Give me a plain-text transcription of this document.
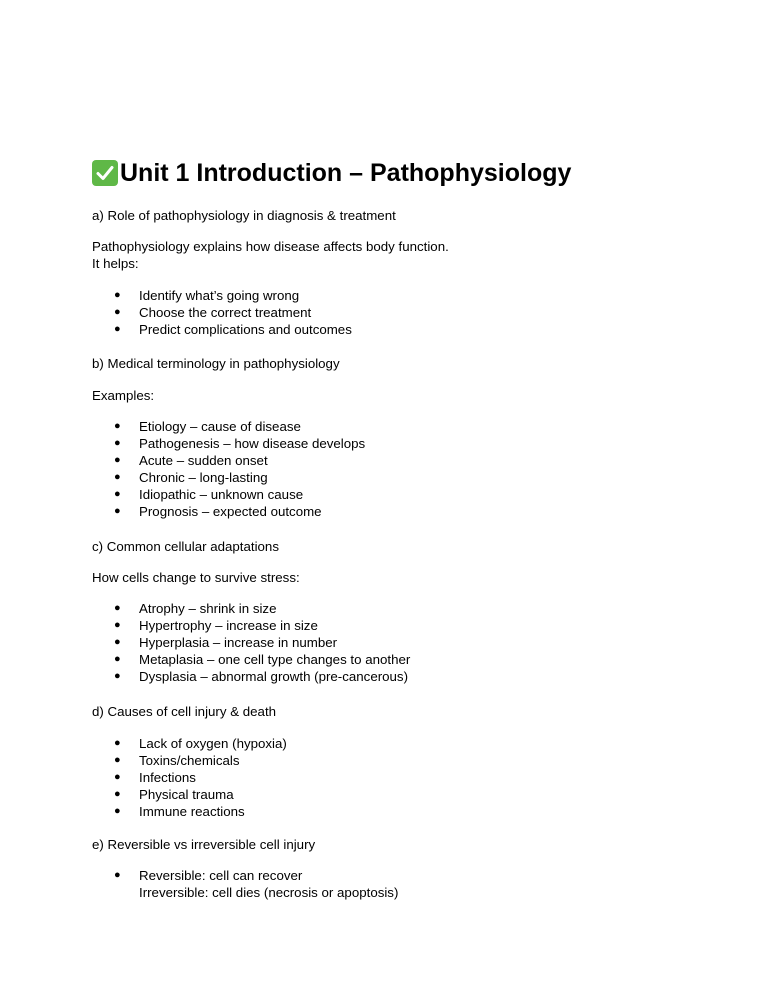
Unit 1 Introduction – Pathophysiology

a) Role of pathophysiology in diagnosis & treatment

Pathophysiology explains how disease affects body function.
It helps:

● Identify what’s going wrong
● Choose the correct treatment
● Predict complications and outcomes

b) Medical terminology in pathophysiology

Examples:

● Etiology – cause of disease
● Pathogenesis – how disease develops
● Acute – sudden onset
● Chronic – long-lasting
● Idiopathic – unknown cause
● Prognosis – expected outcome

c) Common cellular adaptations

How cells change to survive stress:

● Atrophy – shrink in size
● Hypertrophy – increase in size
● Hyperplasia – increase in number
● Metaplasia – one cell type changes to another
● Dysplasia – abnormal growth (pre-cancerous)

d) Causes of cell injury & death

● Lack of oxygen (hypoxia)
● Toxins/chemicals
● Infections
● Physical trauma
● Immune reactions

e) Reversible vs irreversible cell injury

● Reversible: cell can recover
Irreversible: cell dies (necrosis or apoptosis)
